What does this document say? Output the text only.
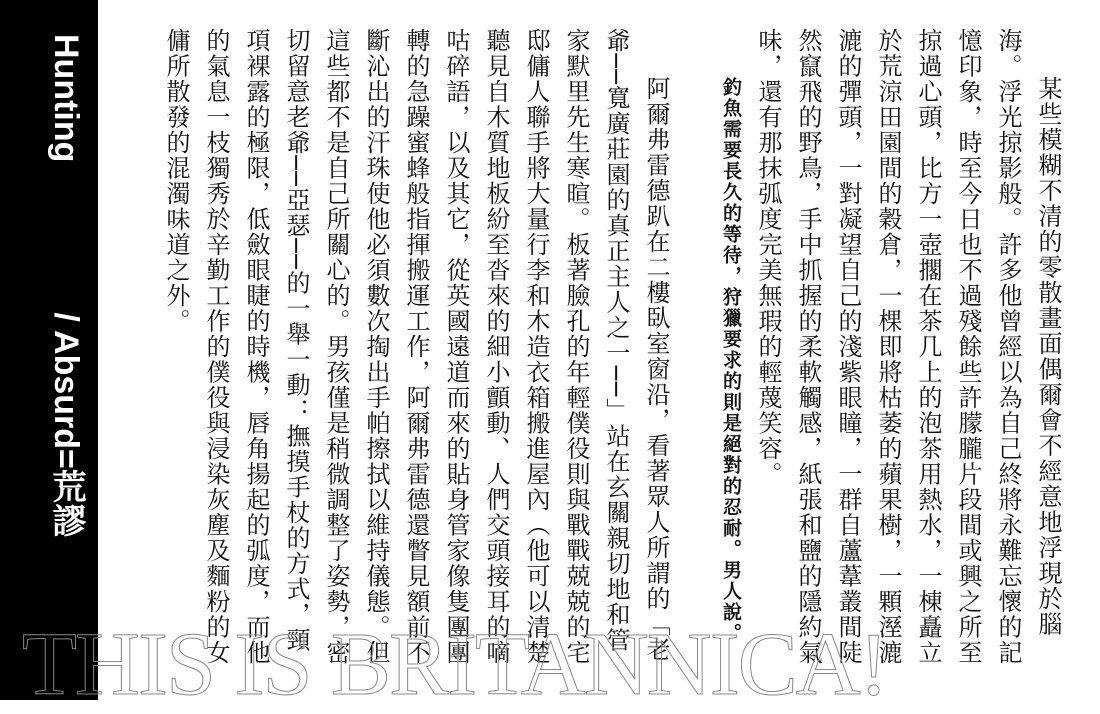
Hunting/ Absurd=荒謬	某些模糊不清的零散畫面偶爾會不經意地浮現於腦海。浮光掠影般。許多他曾經以為自己終將永難忘懷的記憶印象，時至今日也不過殘餘些許朦朧片段間或興之所至掠過心頭，比方一壺擱在茶几上的泡茶用熱水，一棟矗立於荒涼田園間的穀倉，一棵即將枯萎的蘋果樹，一顆溼漉漉的彈頭，一對凝望自己的淺紫眼瞳，一群自蘆葦叢間陡然竄飛的野鳥，手中抓握的柔軟觸感，紙張和鹽的隱約氣味，還有那抹弧度完美無瑕的輕蔑笑容。

釣魚需要長久的等待，狩獵要求的則是絕對的忍耐。男人說。

阿爾弗雷德趴在二樓臥室窗沿，看著眾人所謂的「老爺──寬廣莊園的真正主人之一──」站在玄關親切地和管家默里先生寒暄。板著臉孔的年輕僕役則與戰戰兢兢的宅邸傭人聯手將大量行李和木造衣箱搬進屋內（他可以清楚聽見自木質地板紛至沓來的細小顫動、人們交頭接耳的嘀咕碎語，以及其它，從英國遠道而來的貼身管家像隻團團轉的急躁蜜蜂般指揮搬運工作，阿爾弗雷德還瞥見額前不斷沁出的汗珠使他必須數次掏出手帕擦拭以維持儀態。但這些都不是自己所關心的。男孩僅是稍微調整了姿勢，密切留意老爺──亞瑟──的一舉一動：撫摸手杖的方式，頸項裸露的極限，低斂眼睫的時機，唇角揚起的弧度，而他的氣息一枝獨秀於辛勤工作的僕役與浸染灰塵及麵粉的女傭所散發的混濁味道之外。

THIS IS BRITANNICA!
